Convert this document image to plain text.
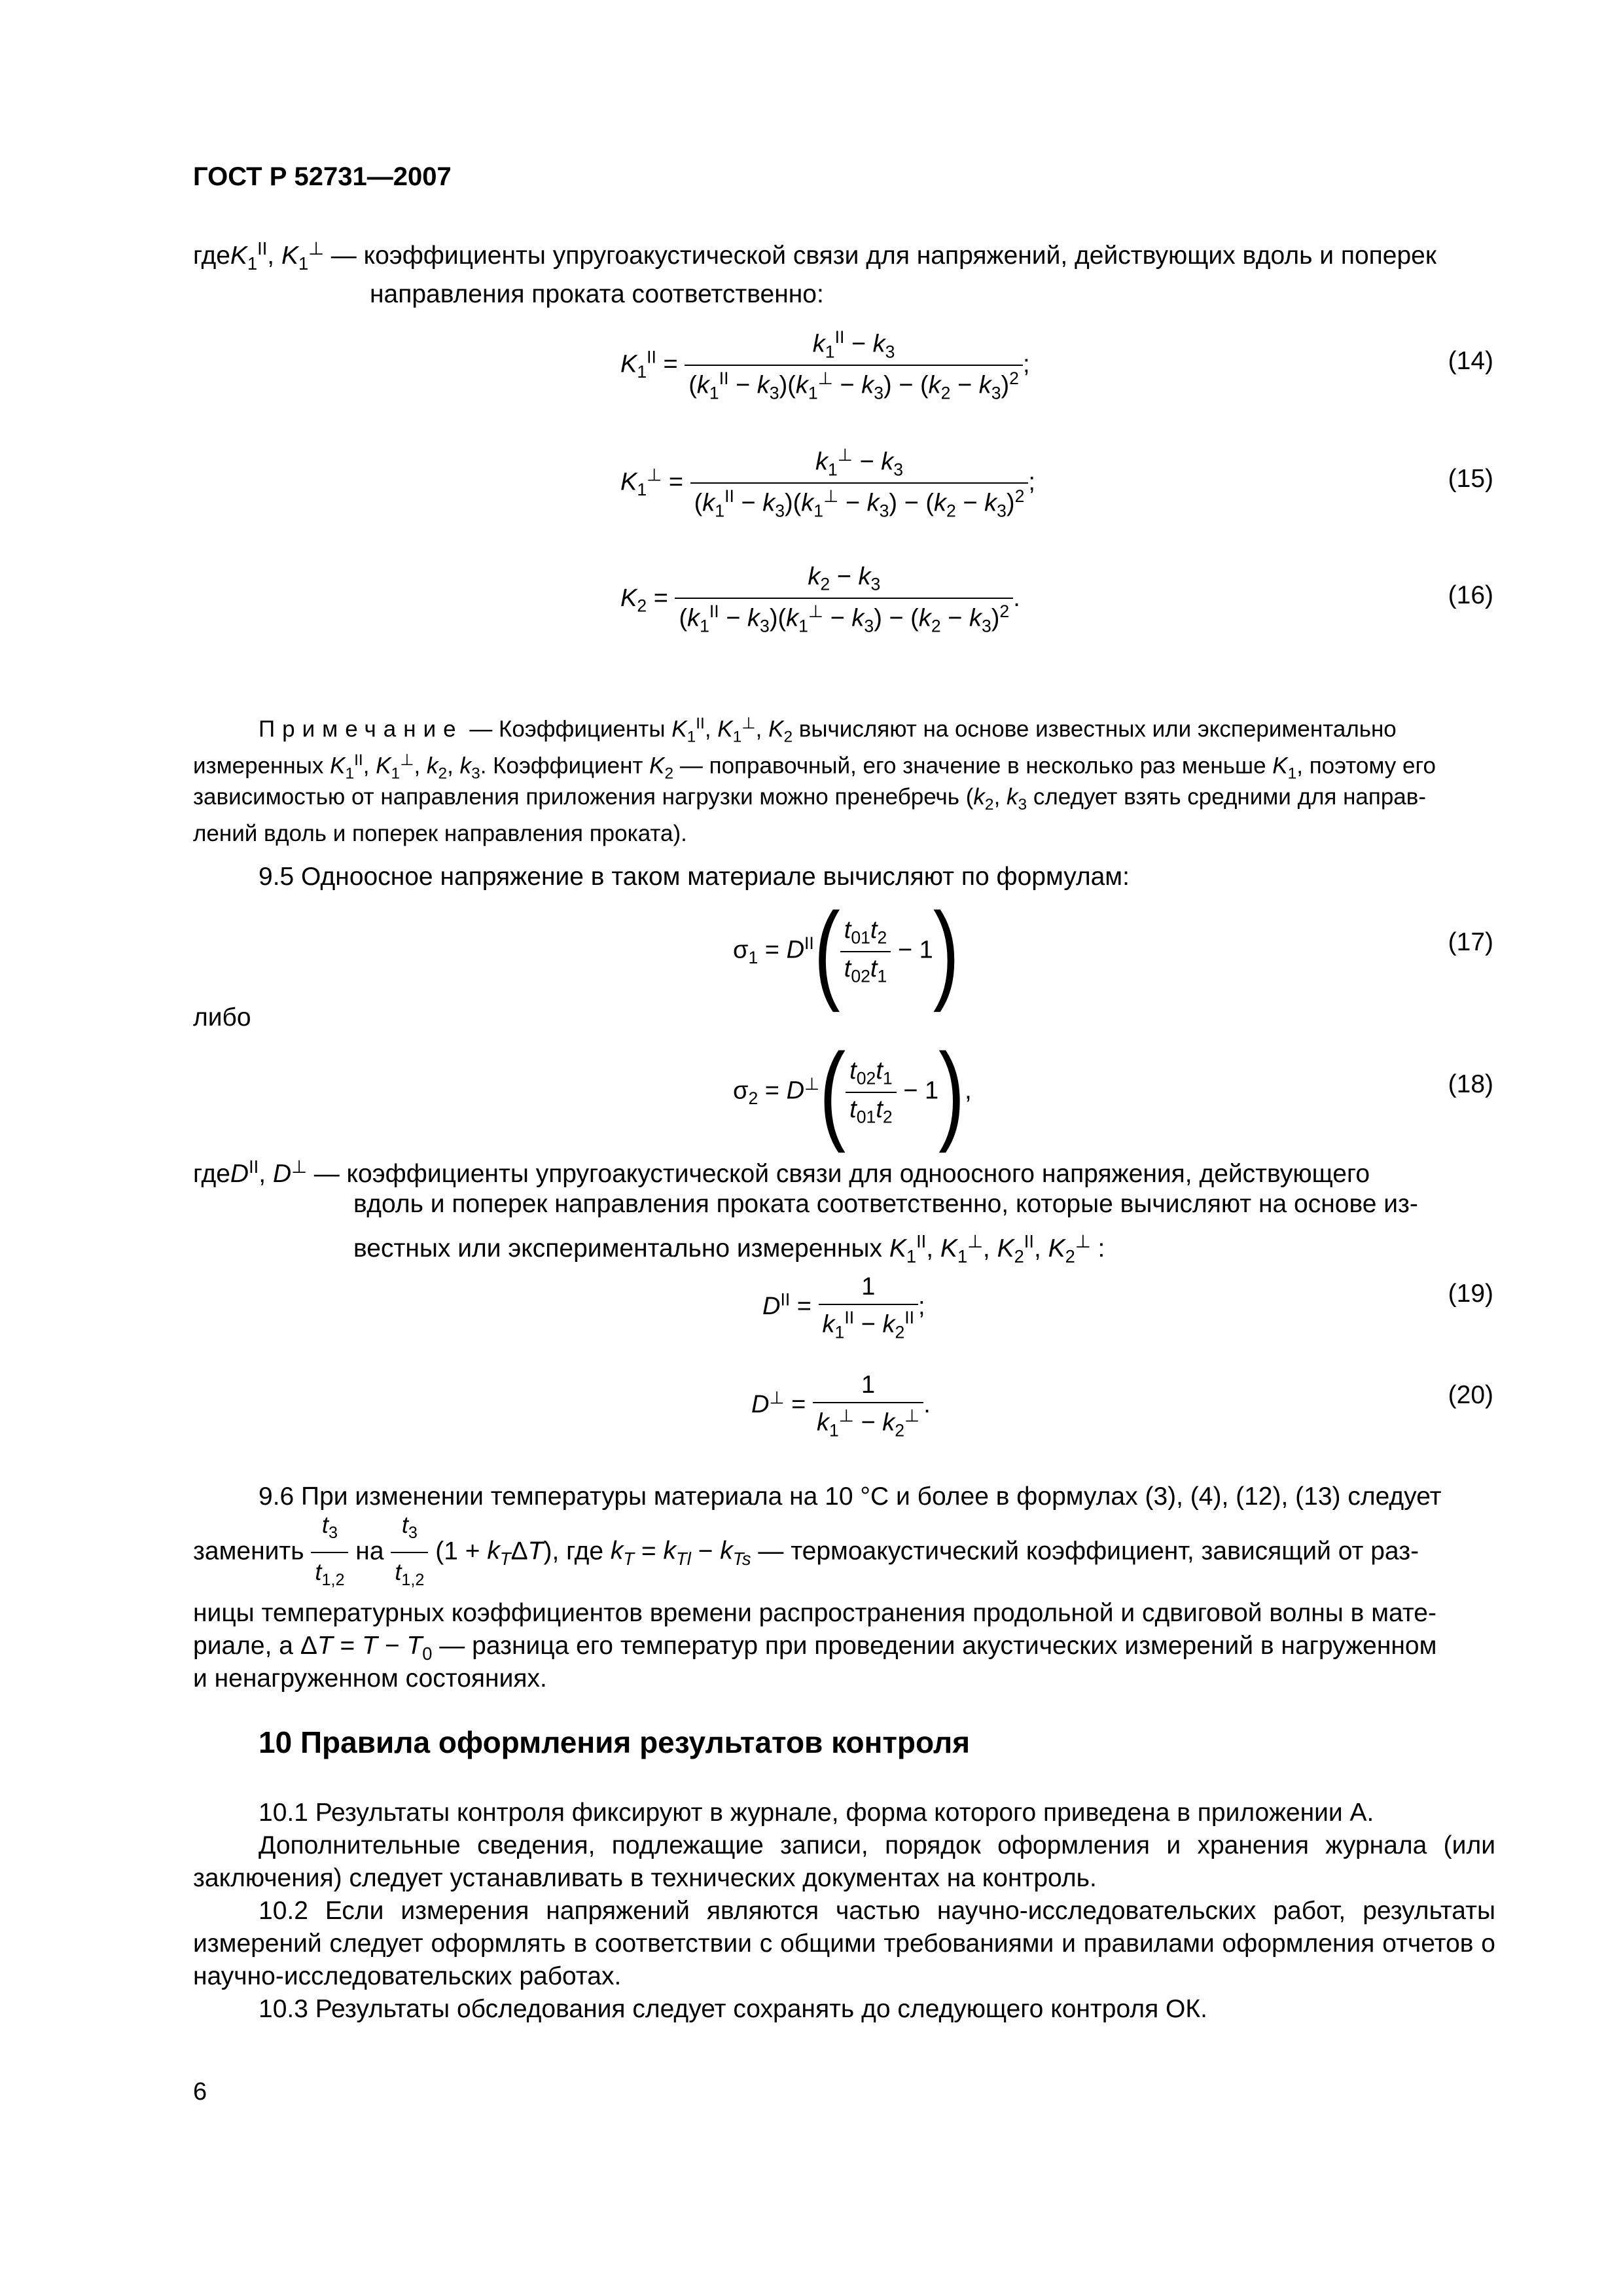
ГОСТ Р 52731—2007
гдеK$_1^{II}$, $K_1^\perp$ — коэффициенты упругоакустической связи для напряжений, действующих вдоль и поперек
направления проката соответственно:
$K_1^{II} = \frac{k_1^{II} - k_3}{(k_1^{II} - k_3)(k_1^\perp - k_3) - (k_2 - k_3)^2}$ ;	(14)
$K_1^\perp = \frac{k_1^\perp - k_3}{(k_1^{II} - k_3)(k_1^\perp - k_3) - (k_2 - k_3)^2}$ ;	(15)
$K_2 = \frac{k_2 - k_3}{(k_1^{II} - k_3)(k_1^\perp - k_3) - (k_2 - k_3)^2}$ .	(16)
Примечание — Коэффициенты $K_1^{II}$, $K_1^\perp$, $K_2$ вычисляют на основе известных или экспериментально
измеренных $K_1^{II}$, $K_1^\perp$, $k_2$, $k_3$. Коэффициент $K_2$ — поправочный, его значение в несколько раз меньше $K_1$, поэтому его
зависимостью от направления приложения нагрузки можно пренебречь ($k_2$, $k_3$ следует взять средними для направ-
лений вдоль и поперек направления проката).
9.5 Одноосное напряжение в таком материале вычисляют по формулам:
$\sigma_1 = D^{II}( \frac{t_{01}t_2}{t_{02}t_1} - 1)$	(17)
либо
$\sigma_2 = D^\perp( \frac{t_{02}t_1}{t_{01}t_2} - 1)$,	(18)
гдеD$^{II}$, D⊥ — коэффициенты упругоакустической связи для одноосного напряжения, действующего
вдоль и поперек направления проката соответственно, которые вычисляют на основе из-
вестных или экспериментально измеренных $K_1^{II}$, $K_1^\perp$, $K_2^{II}$, $K_2^\perp$ :
$D^{II} = \frac{1}{k_1^{II} - k_2^{II}}$ ;	(19)
$D^\perp = \frac{1}{k_1^\perp - k_2^\perp}$ .	(20)
9.6 При изменении температуры материала на 10 °С и более в формулах (3), (4), (12), (13) следует
заменить $\frac{t_3}{t_{1,2}}$ на $\frac{t_3}{t_{1,2}} (1 + k_T\Delta T)$, где $k_T = k_{Tl} - k_{Ts}$ — термоакустический коэффициент, зависящий от раз-
ницы температурных коэффициентов времени распространения продольной и сдвиговой волны в мате-
риале, а $\Delta T = T - T_0$ — разница его температур при проведении акустических измерений в нагруженном
и ненагруженном состояниях.
10 Правила оформления результатов контроля
10.1 Результаты контроля фиксируют в журнале, форма которого приведена в приложении А.
Дополнительные сведения, подлежащие записи, порядок оформления и хранения журнала (или заключения) следует устанавливать в технических документах на контроль.
10.2 Если измерения напряжений являются частью научно-исследовательских работ, результаты измерений следует оформлять в соответствии с общими требованиями и правилами оформления отчетов о научно-исследовательских работах.
10.3 Результаты обследования следует сохранять до следующего контроля ОК.
6
